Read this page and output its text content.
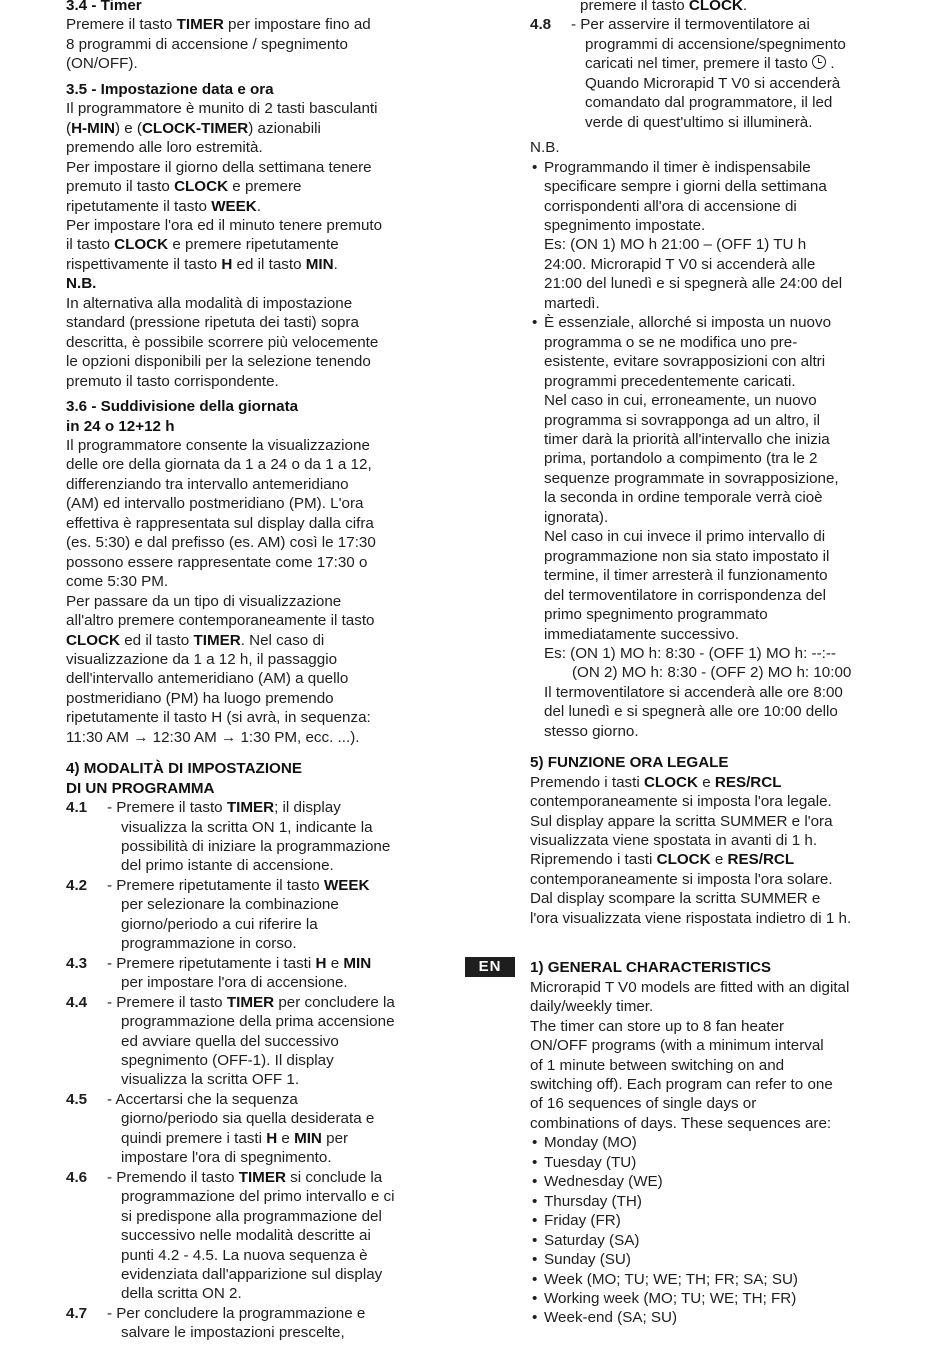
3.4 - Timer
Premere il tasto TIMER per impostare fino ad
8 programmi di accensione / spegnimento
(ON/OFF).
3.5 - Impostazione data e ora
Il programmatore è munito di 2 tasti basculanti
(H-MIN) e (CLOCK-TIMER) azionabili
premendo alle loro estremità.
Per impostare il giorno della settimana tenere
premuto il tasto CLOCK e premere
ripetutamente il tasto WEEK.
Per impostare l'ora ed il minuto tenere premuto
il tasto CLOCK e premere ripetutamente
rispettivamente il tasto H ed il tasto MIN.
N.B.
In alternativa alla modalità di impostazione
standard (pressione ripetuta dei tasti) sopra
descritta, è possibile scorrere più velocemente
le opzioni disponibili per la selezione tenendo
premuto il tasto corrispondente.
3.6 - Suddivisione della giornata
in 24 o 12+12 h
Il programmatore consente la visualizzazione
delle ore della giornata da 1 a 24 o da 1 a 12,
differenziando tra intervallo antemeridiano
(AM) ed intervallo postmeridiano (PM). L'ora
effettiva è rappresentata sul display dalla cifra
(es. 5:30) e dal prefisso (es. AM) così le 17:30
possono essere rappresentate come 17:30 o
come 5:30 PM.
Per passare da un tipo di visualizzazione
all'altro premere contemporaneamente il tasto
CLOCK ed il tasto TIMER. Nel caso di
visualizzazione da 1 a 12 h, il passaggio
dell'intervallo antemeridiano (AM) a quello
postmeridiano (PM) ha luogo premendo
ripetutamente il tasto H (si avrà, in sequenza:
11:30 AM → 12:30 AM → 1:30 PM, ecc. ...).
4) MODALITÀ DI IMPOSTAZIONE
DI UN PROGRAMMA
4.1 - Premere il tasto TIMER; il display
visualizza la scritta ON 1, indicante la
possibilità di iniziare la programmazione
del primo istante di accensione.
4.2 - Premere ripetutamente il tasto WEEK
per selezionare la combinazione
giorno/periodo a cui riferire la
programmazione in corso.
4.3 - Premere ripetutamente i tasti H e MIN
per impostare l'ora di accensione.
4.4 - Premere il tasto TIMER per concludere la
programmazione della prima accensione
ed avviare quella del successivo
spegnimento (OFF-1). Il display
visualizza la scritta OFF 1.
4.5 - Accertarsi che la sequenza
giorno/periodo sia quella desiderata e
quindi premere i tasti H e MIN per
impostare l'ora di spegnimento.
4.6 - Premendo il tasto TIMER si conclude la
programmazione del primo intervallo e ci
si predispone alla programmazione del
successivo nelle modalità descritte ai
punti 4.2 - 4.5. La nuova sequenza è
evidenziata dall'apparizione sul display
della scritta ON 2.
4.7 - Per concludere la programmazione e
salvare le impostazioni prescelte,
premere il tasto CLOCK.
4.8 - Per asservire il termoventilatore ai
programmi di accensione/spegnimento
caricati nel timer, premere il tasto .
Quando Microrapid T V0 si accenderà
comandato dal programmatore, il led
verde di quest'ultimo si illuminerà.
N.B.
• Programmando il timer è indispensabile
specificare sempre i giorni della settimana
corrispondenti all'ora di accensione di
spegnimento impostate.
Es: (ON 1) MO h 21:00 – (OFF 1) TU h
24:00. Microrapid T V0 si accenderà alle
21:00 del lunedì e si spegnerà alle 24:00 del
martedì.
• È essenziale, allorché si imposta un nuovo
programma o se ne modifica uno pre-
esistente, evitare sovrapposizioni con altri
programmi precedentemente caricati.
Nel caso in cui, erroneamente, un nuovo
programma si sovrapponga ad un altro, il
timer darà la priorità all'intervallo che inizia
prima, portandolo a compimento (tra le 2
sequenze programmate in sovrapposizione,
la seconda in ordine temporale verrà cioè
ignorata).
Nel caso in cui invece il primo intervallo di
programmazione non sia stato impostato il
termine, il timer arresterà il funzionamento
del termoventilatore in corrispondenza del
primo spegnimento programmato
immediatamente successivo.
Es: (ON 1) MO h: 8:30 - (OFF 1) MO h: --:--
(ON 2) MO h: 8:30 - (OFF 2) MO h: 10:00
Il termoventilatore si accenderà alle ore 8:00
del lunedì e si spegnerà alle ore 10:00 dello
stesso giorno.
5) FUNZIONE ORA LEGALE
Premendo i tasti CLOCK e RES/RCL
contemporaneamente si imposta l'ora legale.
Sul display appare la scritta SUMMER e l'ora
visualizzata viene spostata in avanti di 1 h.
Ripremendo i tasti CLOCK e RES/RCL
contemporaneamente si imposta l'ora solare.
Dal display scompare la scritta SUMMER e
l'ora visualizzata viene rispostata indietro di 1 h.
1) GENERAL CHARACTERISTICS
Microrapid T V0 models are fitted with an digital
daily/weekly timer.
The timer can store up to 8 fan heater
ON/OFF programs (with a minimum interval
of 1 minute between switching on and
switching off). Each program can refer to one
of 16 sequences of single days or
combinations of days. These sequences are:
• Monday (MO)
• Tuesday (TU)
• Wednesday (WE)
• Thursday (TH)
• Friday (FR)
• Saturday (SA)
• Sunday (SU)
• Week (MO; TU; WE; TH; FR; SA; SU)
• Working week (MO; TU; WE; TH; FR)
• Week-end (SA; SU)
EN
